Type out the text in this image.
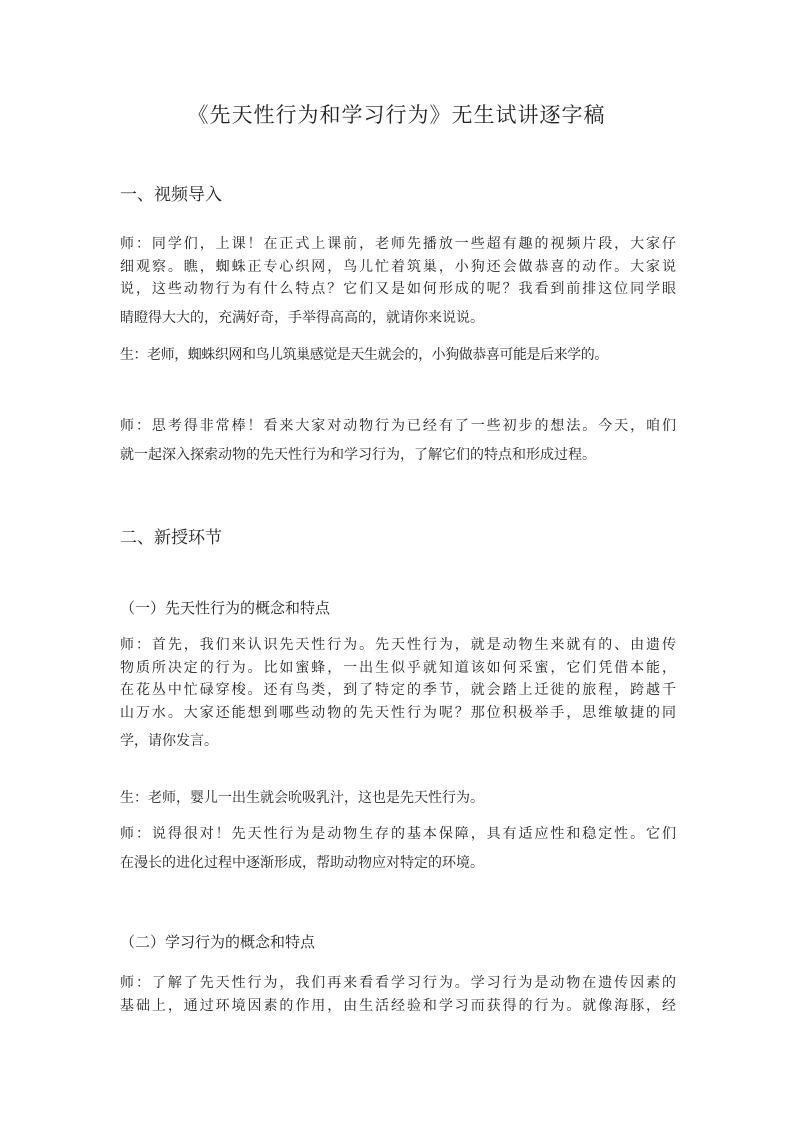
《先天性行为和学习行为》无生试讲逐字稿
一、视频导入
师：同学们，上课！在正式上课前，老师先播放一些超有趣的视频片段，大家仔
细观察。瞧，蜘蛛正专心织网，鸟儿忙着筑巢，小狗还会做恭喜的动作。大家说
说，这些动物行为有什么特点？它们又是如何形成的呢？我看到前排这位同学眼
睛瞪得大大的，充满好奇，手举得高高的，就请你来说说。
生：老师，蜘蛛织网和鸟儿筑巢感觉是天生就会的，小狗做恭喜可能是后来学的。
师：思考得非常棒！看来大家对动物行为已经有了一些初步的想法。今天，咱们
就一起深入探索动物的先天性行为和学习行为，了解它们的特点和形成过程。
二、新授环节
（一）先天性行为的概念和特点
师：首先，我们来认识先天性行为。先天性行为，就是动物生来就有的、由遗传
物质所决定的行为。比如蜜蜂，一出生似乎就知道该如何采蜜，它们凭借本能，
在花丛中忙碌穿梭。还有鸟类，到了特定的季节，就会踏上迁徙的旅程，跨越千
山万水。大家还能想到哪些动物的先天性行为呢？那位积极举手，思维敏捷的同
学，请你发言。
生：老师，婴儿一出生就会吮吸乳汁，这也是先天性行为。
师：说得很对！先天性行为是动物生存的基本保障，具有适应性和稳定性。它们
在漫长的进化过程中逐渐形成，帮助动物应对特定的环境。
（二）学习行为的概念和特点
师：了解了先天性行为，我们再来看看学习行为。学习行为是动物在遗传因素的
基础上，通过环境因素的作用，由生活经验和学习而获得的行为。就像海豚，经
